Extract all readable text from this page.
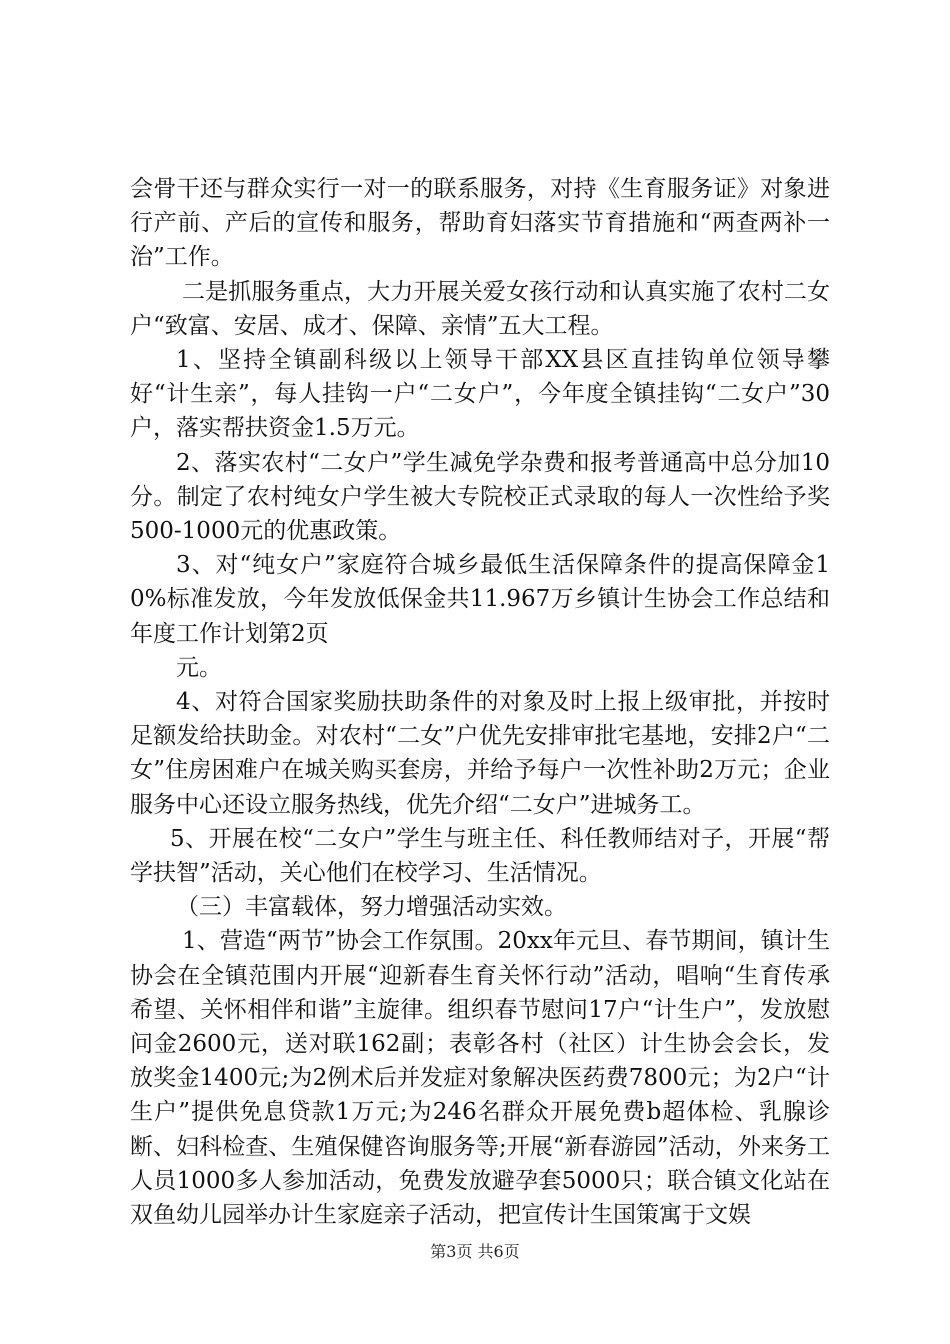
会骨干还与群众实行一对一的联系服务，对持《生育服务证》对象进行产前、产后的宣传和服务，帮助育妇落实节育措施和“两查两补一治”工作。

二是抓服务重点，大力开展关爱女孩行动和认真实施了农村二女户“致富、安居、成才、保障、亲情”五大工程。

1、坚持全镇副科级以上领导干部XX县区直挂钩单位领导攀好“计生亲”，每人挂钩一户“二女户”，今年度全镇挂钩“二女户”30户，落实帮扶资金1.5万元。

2、落实农村“二女户”学生减免学杂费和报考普通高中总分加10分。制定了农村纯女户学生被大专院校正式录取的每人一次性给予奖500-1000元的优惠政策。

3、对“纯女户”家庭符合城乡最低生活保障条件的提高保障金10%标准发放，今年发放低保金共11.967万乡镇计生协会工作总结和年度工作计划第2页

元。

4、对符合国家奖励扶助条件的对象及时上报上级审批，并按时足额发给扶助金。对农村“二女”户优先安排审批宅基地，安排2户“二女”住房困难户在城关购买套房，并给予每户一次性补助2万元；企业服务中心还设立服务热线，优先介绍“二女户”进城务工。

5、开展在校“二女户”学生与班主任、科任教师结对子，开展“帮学扶智”活动，关心他们在校学习、生活情况。

（三）丰富载体，努力增强活动实效。

1、营造“两节”协会工作氛围。20xx年元旦、春节期间，镇计生协会在全镇范围内开展“迎新春生育关怀行动”活动，唱响“生育传承希望、关怀相伴和谐”主旋律。组织春节慰问17户“计生户”，发放慰问金2600元，送对联162副；表彰各村（社区）计生协会会长，发放奖金1400元;为2例术后并发症对象解决医药费7800元；为2户“计生户”提供免息贷款1万元;为246名群众开展免费b超体检、乳腺诊断、妇科检查、生殖保健咨询服务等;开展“新春游园”活动，外来务工人员1000多人参加活动，免费发放避孕套5000只；联合镇文化站在双鱼幼儿园举办计生家庭亲子活动，把宣传计生国策寓于文娱

第3页 共6页
